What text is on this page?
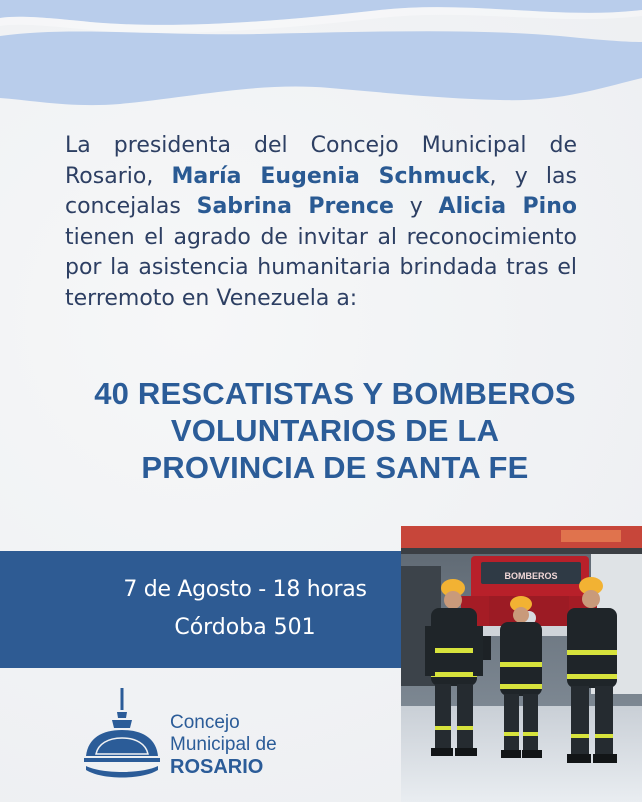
La presidenta del Concejo Municipal de Rosario, María Eugenia Schmuck, y las concejalas Sabrina Prence y Alicia Pino tienen el agrado de invitar al reconocimiento por la asistencia humanitaria brindada tras el terremoto en Venezuela a:

40 RESCATISTAS Y BOMBEROS
VOLUNTARIOS DE LA
PROVINCIA DE SANTA FE
7 de Agosto - 18 horas
Córdoba 501
BOMBEROS
Concejo
Municipal de
ROSARIO
